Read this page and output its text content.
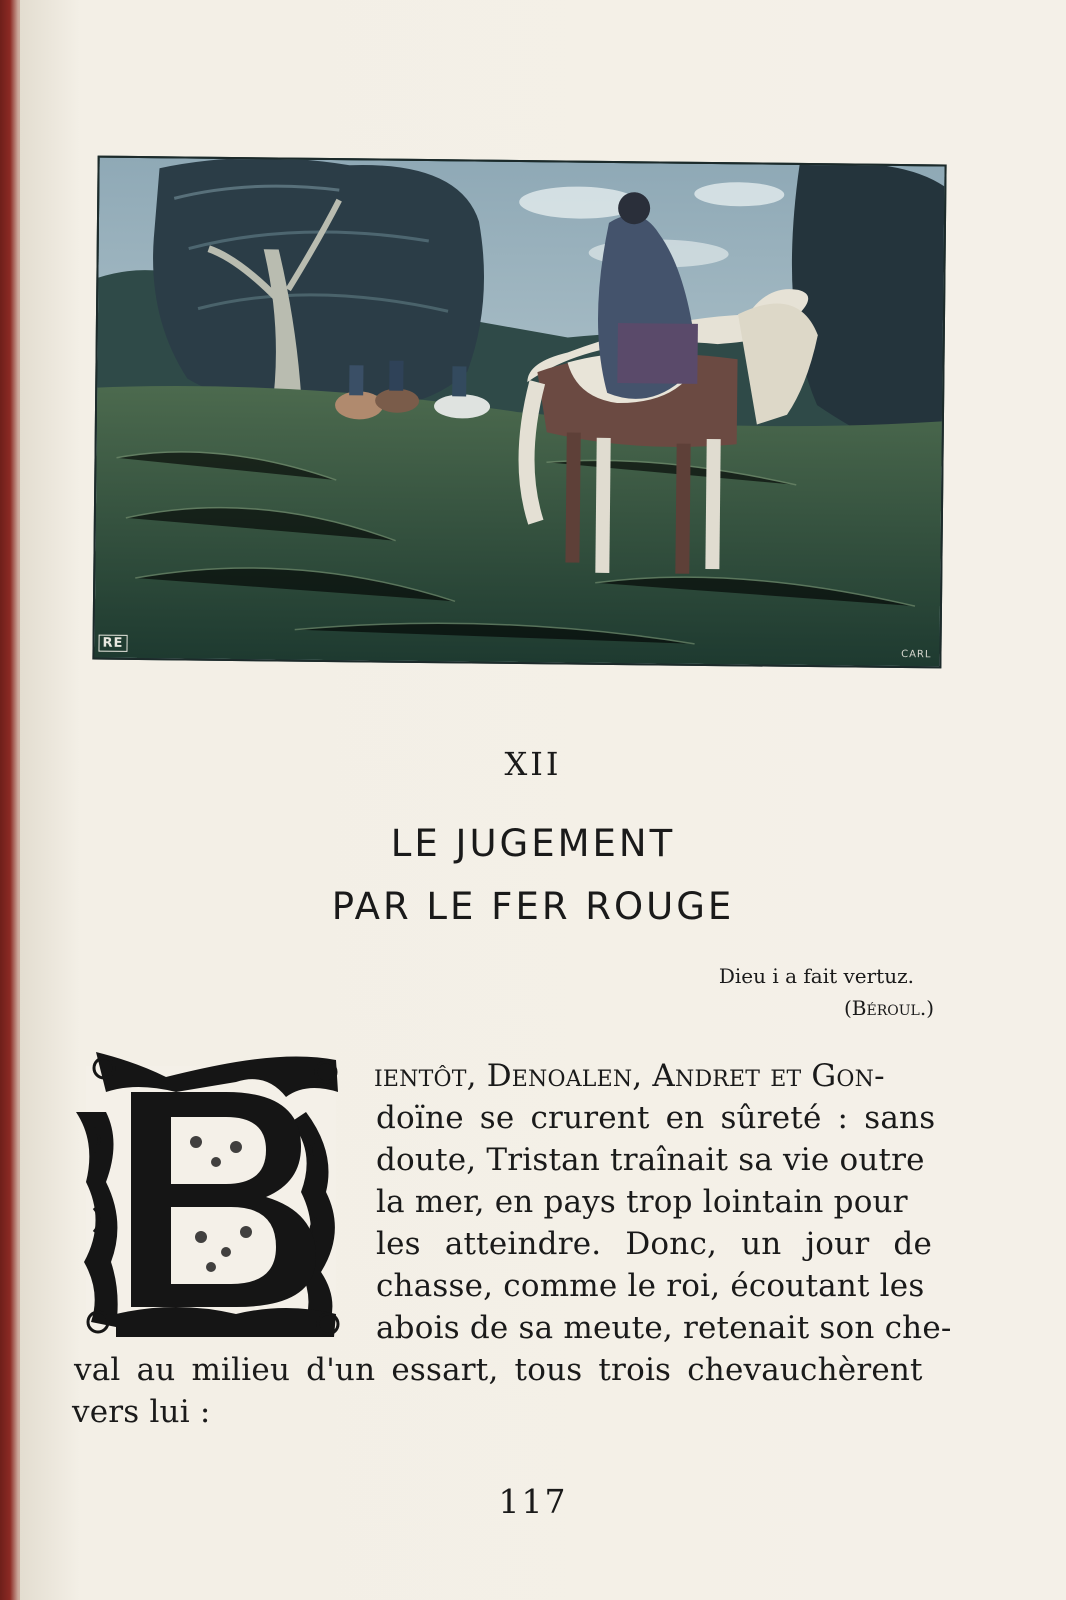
RE
CARL
XII
LE JUGEMENT
PAR LE FER ROUGE
Dieu i a fait vertuz.
(Béroul.)
B
ientôt, Denoalen, Andret et Gon-
doïne se crurent en sûreté : sans
doute, Tristan traînait sa vie outre
la mer, en pays trop lointain pour
les atteindre. Donc, un jour de
chasse, comme le roi, écoutant les
abois de sa meute, retenait son che-
val au milieu d'un essart, tous trois chevauchèrent
vers lui :
117
